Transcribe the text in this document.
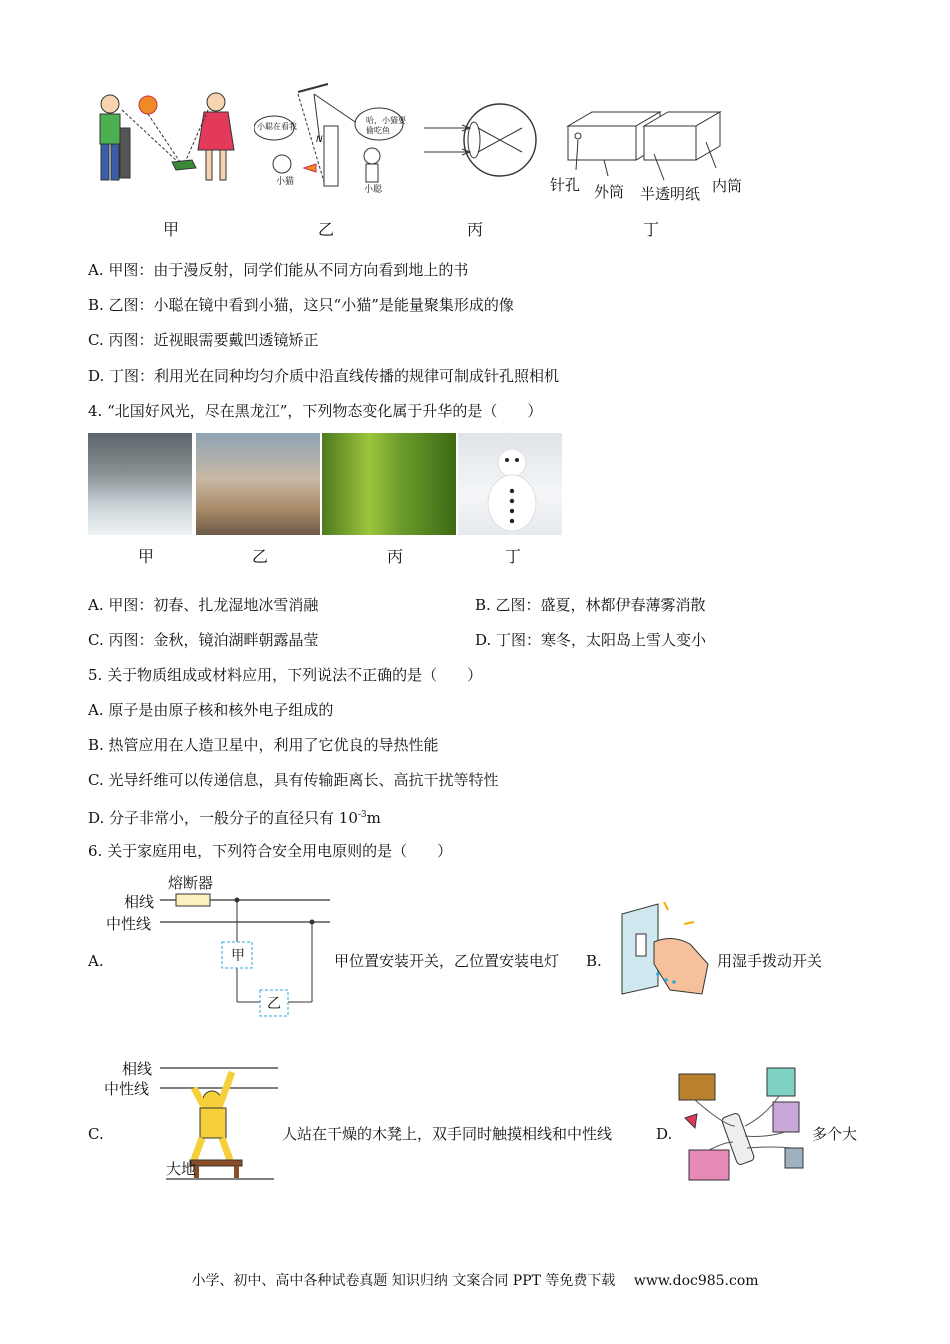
小聪在看我
哈，小猫要偷吃鱼
小猫
小聪
N
针孔 外筒 半透明纸 内筒
甲	乙	丙	丁
A. 甲图：由于漫反射，同学们能从不同方向看到地上的书
B. 乙图：小聪在镜中看到小猫，这只“小猫”是能量聚集形成的像
C. 丙图：近视眼需要戴凹透镜矫正
D. 丁图：利用光在同种均匀介质中沿直线传播的规律可制成针孔照相机
4. “北国好风光，尽在黑龙江”，下列物态变化属于升华的是（　　）
甲	乙	丙	丁
A. 甲图：初春、扎龙湿地冰雪消融	B. 乙图：盛夏，林都伊春薄雾消散
C. 丙图：金秋，镜泊湖畔朝露晶莹	D. 丁图：寒冬，太阳岛上雪人变小
5. 关于物质组成或材料应用，下列说法不正确的是（　　）
A. 原子是由原子核和核外电子组成的
B. 热管应用在人造卫星中，利用了它优良的导热性能
C. 光导纤维可以传递信息，具有传输距离长、高抗干扰等特性
D. 分子非常小，一般分子的直径只有 $10^{-3}m$
6. 关于家庭用电，下列符合安全用电原则的是（　　）
熔断器
相线
中性线
甲
乙
A.	甲位置安装开关，乙位置安装电灯 B.	用湿手拨动开关
相线
中性线
大地
C.	人站在干燥的木凳上，双手同时触摸相线和中性线	D.	多个大
小学、初中、高中各种试卷真题 知识归纳 文案合同 PPT 等免费下载　 www.doc985.com
